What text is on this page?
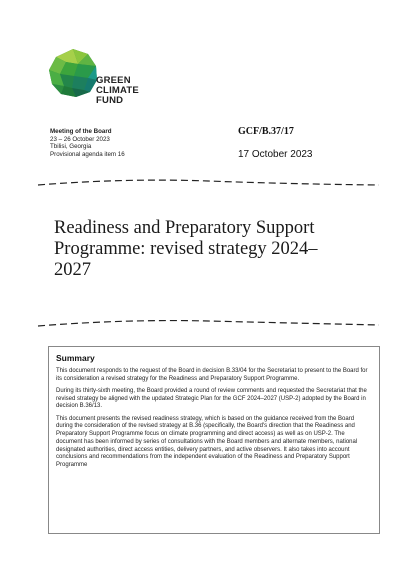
GREEN
CLIMATE
FUND
Meeting of the Board
23 – 26 October 2023
Tbilisi, Georgia
Provisional agenda item 16
GCF/B.37/17
17 October 2023
Readiness and Preparatory Support Programme: revised strategy 2024–2027
Summary

This document responds to the request of the Board in decision B.33/04 for the Secretariat to present to the Board for its consideration a revised strategy for the Readiness and Preparatory Support Programme.

During its thirty-sixth meeting, the Board provided a round of review comments and requested the Secretariat that the revised strategy be aligned with the updated Strategic Plan for the GCF 2024–2027 (USP-2) adopted by the Board in decision B.36/13.

This document presents the revised readiness strategy, which is based on the guidance received from the Board during the consideration of the revised strategy at B.36 (specifically, the Board's direction that the Readiness and Preparatory Support Programme focus on climate programming and direct access) as well as on USP-2. The document has been informed by series of consultations with the Board members and alternate members, national designated authorities, direct access entities, delivery partners, and active observers. It also takes into account conclusions and recommendations from the independent evaluation of the Readiness and Preparatory Support Programme
